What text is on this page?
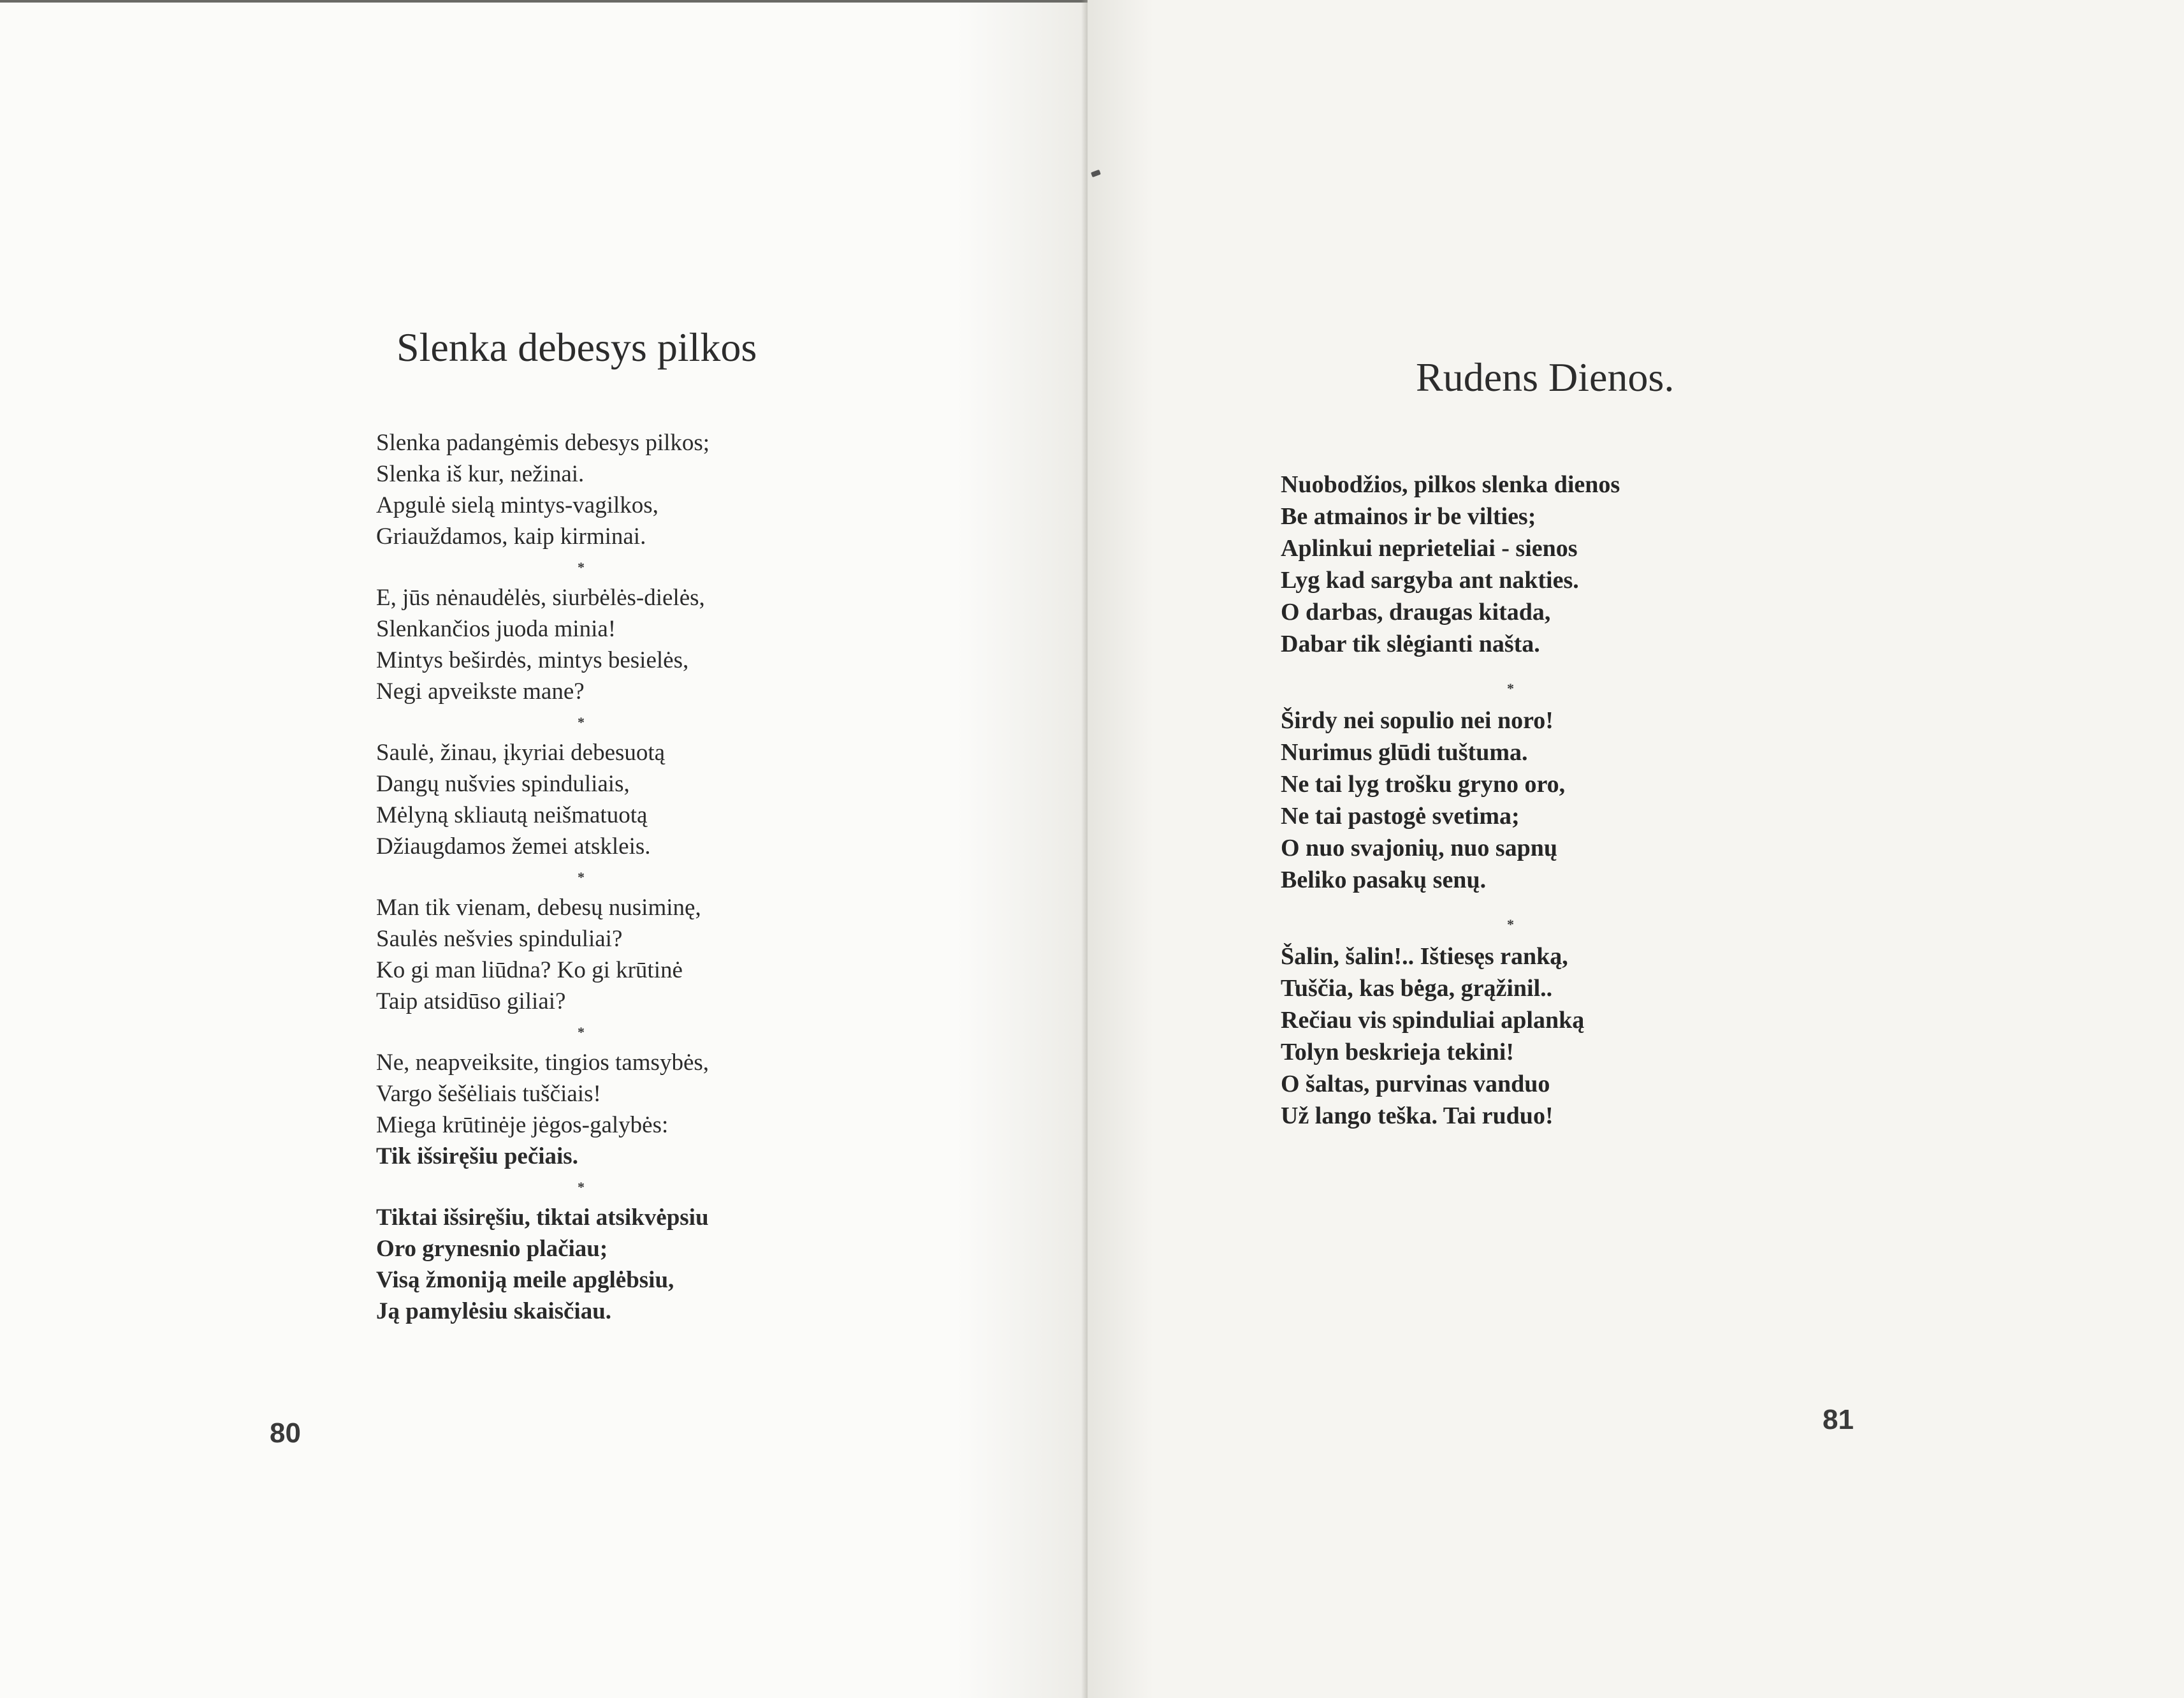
Slenka debesys pilkos
Slenka padangėmis debesys pilkos;
Slenka iš kur, nežinai.
Apgulė sielą mintys-vagilkos,
Griauždamos, kaip kirminai.
*
E, jūs nėnaudėlės, siurbėlės-dielės,
Slenkančios juoda minia!
Mintys beširdės, mintys besielės,
Negi apveikste mane?
*
Saulė, žinau, įkyriai debesuotą
Dangų nušvies spinduliais,
Mėlyną skliautą neišmatuotą
Džiaugdamos žemei atskleis.
*
Man tik vienam, debesų nusiminę,
Saulės nešvies spinduliai?
Ko gi man liūdna? Ko gi krūtinė
Taip atsidūso giliai?
*
Ne, neapveiksite, tingios tamsybės,
Vargo šešėliais tuščiais!
Miega krūtinėje jėgos-galybės:
Tik išsiręšiu pečiais.
*
Tiktai išsiręšiu, tiktai atsikvėpsiu
Oro grynesnio plačiau;
Visą žmoniją meile apglėbsiu,
Ją pamylėsiu skaisčiau.
80
Rudens Dienos.
Nuobodžios, pilkos slenka dienos
Be atmainos ir be vilties;
Aplinkui neprieteliai - sienos
Lyg kad sargyba ant nakties.
O darbas, draugas kitada,
Dabar tik slėgianti našta.
*
Širdy nei sopulio nei noro!
Nurimus glūdi tuštuma.
Ne tai lyg trošku gryno oro,
Ne tai pastogė svetima;
O nuo svajonių, nuo sapnų
Beliko pasakų senų.
*
Šalin, šalin!.. Ištiesęs ranką,
Tuščia, kas bėga, grąžinil..
Rečiau vis spinduliai aplanką
Tolyn beskrieja tekini!
O šaltas, purvinas vanduo
Už lango teška. Tai ruduo!
81
